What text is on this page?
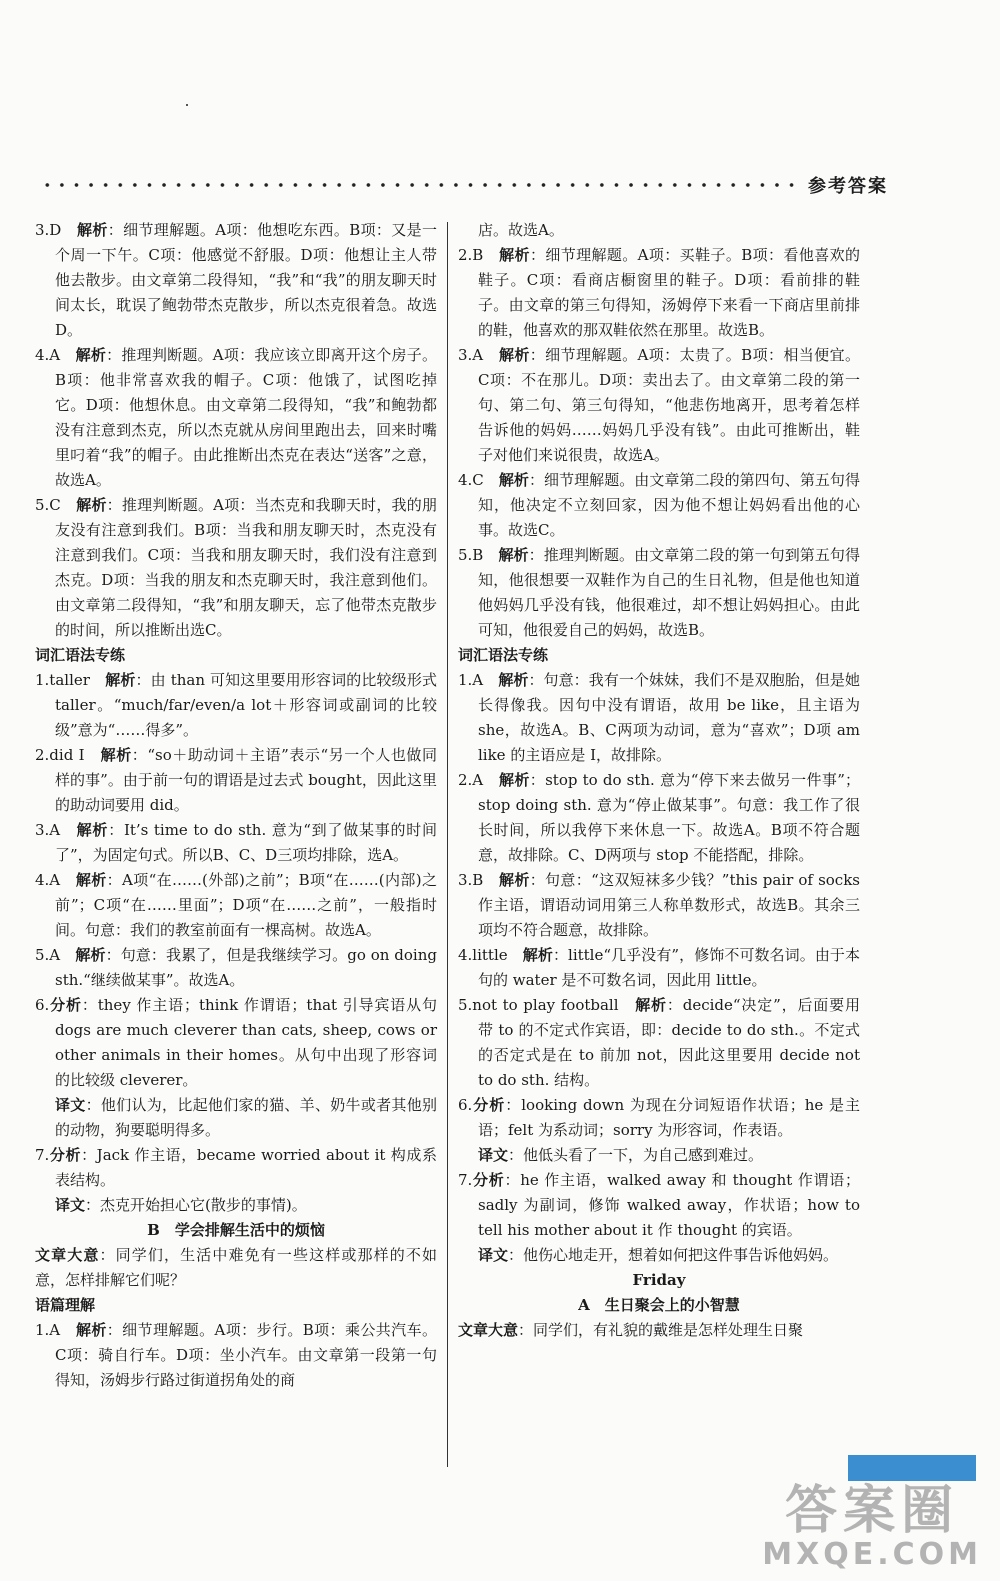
参考答案

3.D　 解析：细节理解题。A项：他想吃东西。B项：又是一个周一下午。C项：他感觉不舒服。D项：他想让主人带他去散步。由文章第二段得知，“我”和“我”的朋友聊天时间太长，耽误了鲍勃带杰克散步，所以杰克很着急。故选D。

4.A　 解析：推理判断题。A项：我应该立即离开这个房子。B项：他非常喜欢我的帽子。C项：他饿了，试图吃掉它。D项：他想休息。由文章第二段得知，“我”和鲍勃都没有注意到杰克，所以杰克就从房间里跑出去，回来时嘴里叼着“我”的帽子。由此推断出杰克在表达“送客”之意，故选A。

5.C　 解析：推理判断题。A项：当杰克和我聊天时，我的朋友没有注意到我们。B项：当我和朋友聊天时，杰克没有注意到我们。C项：当我和朋友聊天时，我们没有注意到杰克。D项：当我的朋友和杰克聊天时，我注意到他们。由文章第二段得知，“我”和朋友聊天，忘了他带杰克散步的时间，所以推断出选C。

词汇语法专练

1.taller　 解析：由 than 可知这里要用形容词的比较级形式 taller。“much/far/even/a lot＋形容词或副词的比较级”意为“……得多”。

2.did I　 解析：“so＋助动词＋主语”表示“另一个人也做同样的事”。由于前一句的谓语是过去式 bought，因此这里的助动词要用 did。

3.A　 解析：It’s time to do sth. 意为“到了做某事的时间了”，为固定句式。所以B、C、D三项均排除，选A。

4.A　 解析：A项“在……(外部)之前”；B项“在……(内部)之前”；C项“在……里面”；D项“在……之前”，一般指时间。句意：我们的教室前面有一棵高树。故选A。

5.A　 解析：句意：我累了，但是我继续学习。go on doing sth.“继续做某事”。故选A。

6.分析：they 作主语；think 作谓语；that 引导宾语从句 dogs are much cleverer than cats, sheep, cows or other animals in their homes。从句中出现了形容词的比较级 cleverer。

译文：他们认为，比起他们家的猫、羊、奶牛或者其他别的动物，狗要聪明得多。

7.分析：Jack 作主语，became worried about it 构成系表结构。

译文：杰克开始担心它(散步的事情)。

B　学会排解生活中的烦恼

文章大意：同学们，生活中难免有一些这样或那样的不如意，怎样排解它们呢？

语篇理解

1.A　 解析：细节理解题。A项：步行。B项：乘公共汽车。C项：骑自行车。D项：坐小汽车。由文章第一段第一句得知，汤姆步行路过街道拐角处的商

店。故选A。

2.B　 解析：细节理解题。A项：买鞋子。B项：看他喜欢的鞋子。C项：看商店橱窗里的鞋子。D项：看前排的鞋子。由文章的第三句得知，汤姆停下来看一下商店里前排的鞋，他喜欢的那双鞋依然在那里。故选B。

3.A　 解析：细节理解题。A项：太贵了。B项：相当便宜。C项：不在那儿。D项：卖出去了。由文章第二段的第一句、第二句、第三句得知，“他悲伤地离开，思考着怎样告诉他的妈妈……妈妈几乎没有钱”。由此可推断出，鞋子对他们来说很贵，故选A。

4.C　 解析：细节理解题。由文章第二段的第四句、第五句得知，他决定不立刻回家，因为他不想让妈妈看出他的心事。故选C。

5.B　 解析：推理判断题。由文章第二段的第一句到第五句得知，他很想要一双鞋作为自己的生日礼物，但是他也知道他妈妈几乎没有钱，他很难过，却不想让妈妈担心。由此可知，他很爱自己的妈妈，故选B。

词汇语法专练

1.A　 解析：句意：我有一个妹妹，我们不是双胞胎，但是她长得像我。因句中没有谓语，故用 be like，且主语为 she，故选A。B、C两项为动词，意为“喜欢”；D项 am like 的主语应是 I，故排除。

2.A　 解析：stop to do sth. 意为“停下来去做另一件事”；stop doing sth. 意为“停止做某事”。句意：我工作了很长时间，所以我停下来休息一下。故选A。B项不符合题意，故排除。C、D两项与 stop 不能搭配，排除。

3.B　 解析：句意：“这双短袜多少钱？”this pair of socks 作主语，谓语动词用第三人称单数形式，故选B。其余三项均不符合题意，故排除。

4.little　 解析：little“几乎没有”，修饰不可数名词。由于本句的 water 是不可数名词，因此用 little。

5.not to play football　 解析：decide“决定”，后面要用带 to 的不定式作宾语，即：decide to do sth.。不定式的否定式是在 to 前加 not，因此这里要用 decide not to do sth. 结构。

6.分析：looking down 为现在分词短语作状语；he 是主语；felt 为系动词；sorry 为形容词，作表语。

译文：他低头看了一下，为自己感到难过。

7.分析：he 作主语，walked away 和 thought 作谓语；sadly 为副词，修饰 walked away，作状语；how to tell his mother about it 作 thought 的宾语。

译文：他伤心地走开，想着如何把这件事告诉他妈妈。

Friday

A　生日聚会上的小智慧

文章大意：同学们，有礼貌的戴维是怎样处理生日聚

答案圈
MXQE.COM
